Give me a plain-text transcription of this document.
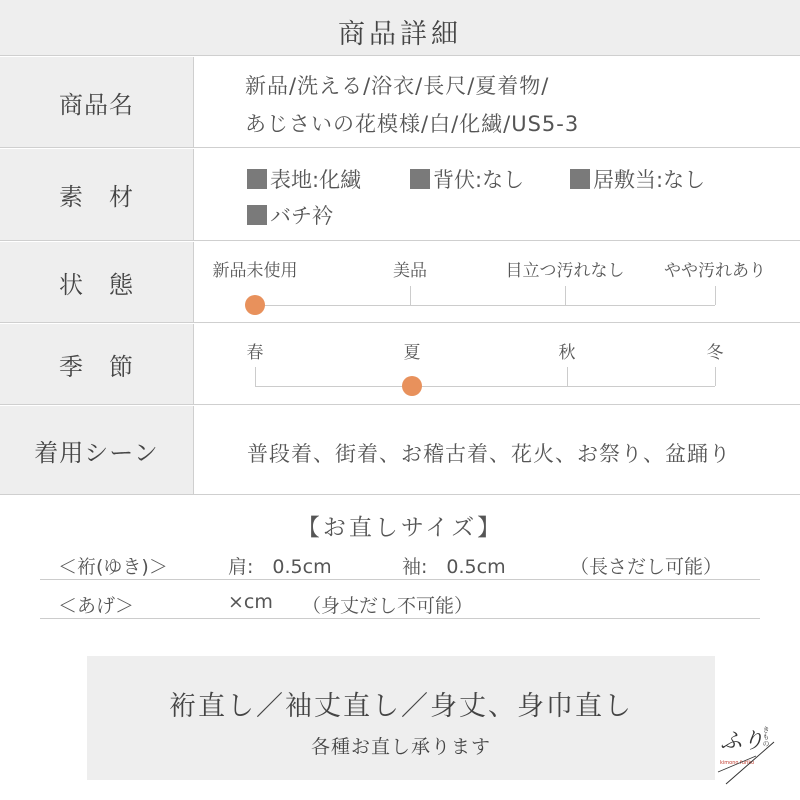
商品詳細
商品名
新品/洗える/浴衣/長尺/夏着物/
あじさいの花模様/白/化繊/US5-3
素　材
表地:化繊	背伏:なし	居敷当:なし
バチ衿
状　態	新品未使用	美品	目立つ汚れなし やや汚れあり
季　節	春	夏	秋	冬
着用シーン	普段着、街着、お稽古着、花火、お祭り、盆踊り
【お直しサイズ】
＜裄(ゆき)＞	肩:　0.5cm	袖:　0.5cm	（長さだし可能）
＜あげ＞	×cm （身丈だし不可能）
裄直し／袖丈直し／身丈、身巾直し
各種お直し承ります	ふり
きもの
kimono furiko
